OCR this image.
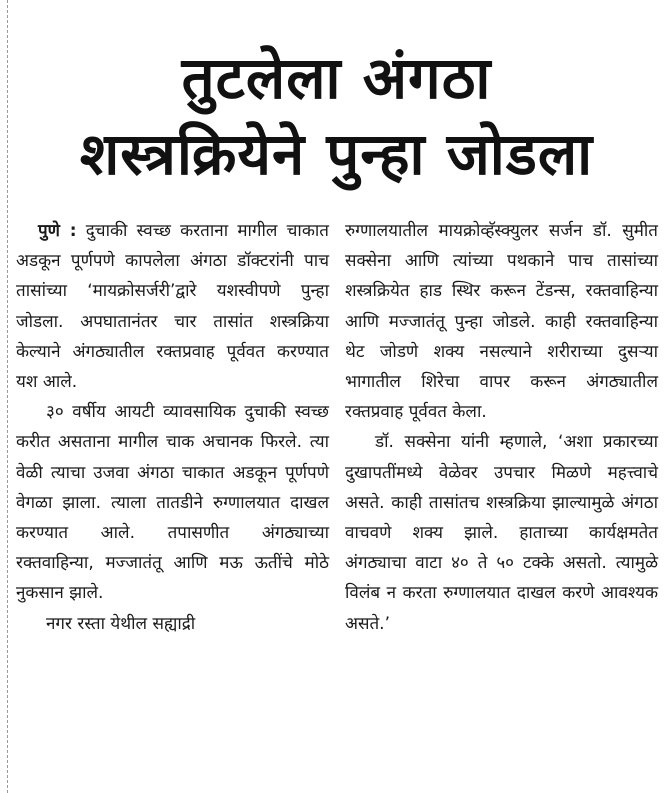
तुटलेला अंगठा
शस्त्रक्रियेने पुन्हा जोडला

पुणे : दुचाकी स्वच्छ करताना मागील चाकात अडकून पूर्णपणे कापलेला अंगठा डॉक्टरांनी पाच तासांच्या ‘मायक्रोसर्जरी’द्वारे यशस्वीपणे पुन्हा जोडला. अपघातानंतर चार तासांत शस्त्रक्रिया केल्याने अंगठ्यातील रक्तप्रवाह पूर्ववत करण्यात यश आले.

३० वर्षीय आयटी व्यावसायिक दुचाकी स्वच्छ करीत असताना मागील चाक अचानक फिरले. त्या वेळी त्याचा उजवा अंगठा चाकात अडकून पूर्णपणे वेगळा झाला. त्याला तातडीने रुग्णालयात दाखल करण्यात आले. तपासणीत अंगठ्याच्या रक्तवाहिन्या, मज्जातंतू आणि मऊ ऊतींचे मोठे नुकसान झाले.

नगर रस्ता येथील सह्याद्री

रुग्णालयातील मायक्रोव्हॅस्क्युलर सर्जन डॉ. सुमीत सक्सेना आणि त्यांच्या पथकाने पाच तासांच्या शस्त्रक्रियेत हाड स्थिर करून टेंडन्स, रक्तवाहिन्या आणि मज्जातंतू पुन्हा जोडले. काही रक्तवाहिन्या थेट जोडणे शक्य नसल्याने शरीराच्या दुसऱ्या भागातील शिरेचा वापर करून अंगठ्यातील रक्तप्रवाह पूर्ववत केला.

डॉ. सक्सेना यांनी म्हणाले, ‘अशा प्रकारच्या दुखापतींमध्ये वेळेवर उपचार मिळणे महत्त्वाचे असते. काही तासांतच शस्त्रक्रिया झाल्यामुळे अंगठा वाचवणे शक्य झाले. हाताच्या कार्यक्षमतेत अंगठ्याचा वाटा ४० ते ५० टक्के असतो. त्यामुळे विलंब न करता रुग्णालयात दाखल करणे आवश्यक असते.’
